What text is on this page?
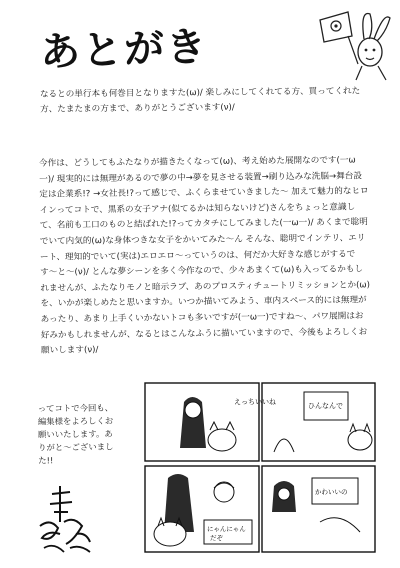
あとがき
なるとの単行本も何巻目となりますた(ω)/ 楽しみにしてくれてる方、買ってくれた方、たまたまの方まで、ありがとうございます(ν)/
今作は、どうしてもふたなりが描きたくなって(ω)、考え始めた展開なのです(一ω一)/ 現実的には無理があるので夢の中→夢を見させる装置→刷り込みな洗脳→舞台設定は企業系!? →女社長!?って感じで、ふくらませていきました〜 加えて魅力的なヒロインってコトで、黒系の女子アナ(似てるかは知らないけど)さんをちょっと意識して、名前も工口のものと結ばれた!?ってカタチにしてみました(一ω一)/ あくまで聡明でいて内気的(ω)な身体つきな女子をかいてみた〜ん そんな、聡明でインテリ、エリート、理知的でいて(実は)エロエロ〜っていうのは、何だか大好きな感じがするです〜と〜(ν)/ とんな夢シーンを多く今作なので、少々あまくて(ω)も入ってるかもしれませんが、ふたなりモノと暗示ラブ、あのプロスティチュートリミッションとか(ω)を、いかが楽しめたと思いますか。いつか描いてみよう、車内スペース的には無理があったり、あまり上手くいかないトコも多いですが(一ω一)ですね〜、パワ展開はお好みかもしれませんが、なるとはこんなふうに描いていますので、今後もよろしくお願いします(ν)/
ってコトで今回も、編集様をよろしくお願いいたします。ありがと〜ございました!!
えっちいいね	ひんなんで
にゃんにゃん
だぞ
かわいいの
